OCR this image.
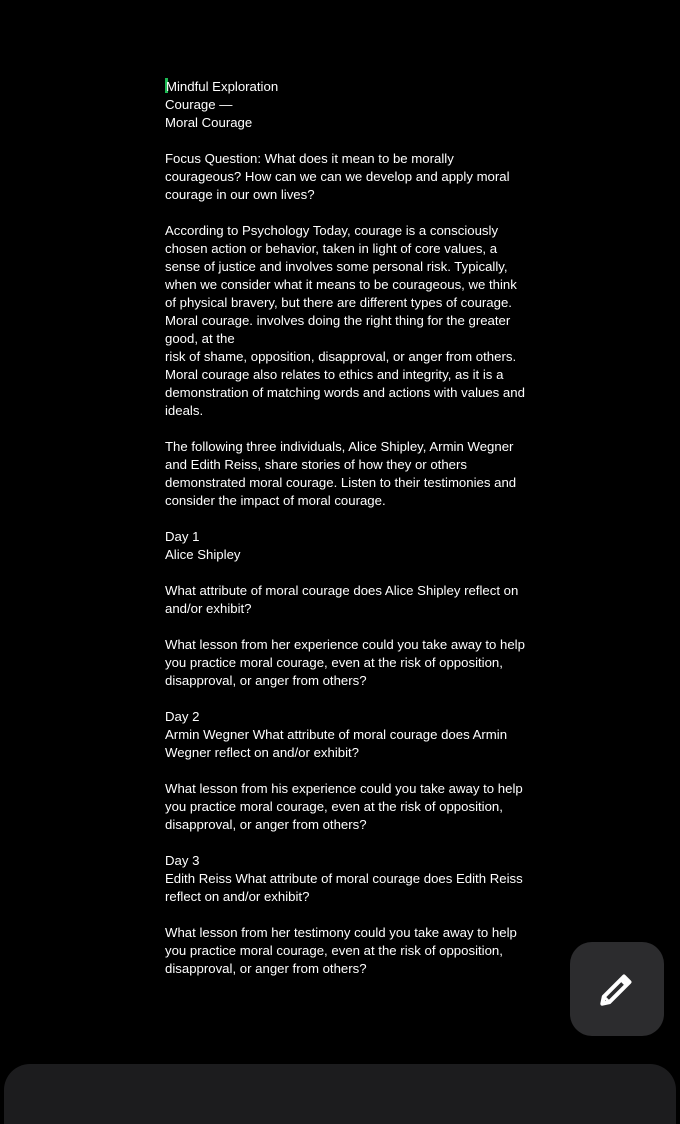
Mindful Exploration
Courage —
Moral Courage

Focus Question: What does it mean to be morally
courageous? How can we can we develop and apply moral
courage in our own lives?

According to Psychology Today, courage is a consciously
chosen action or behavior, taken in light of core values, a
sense of justice and involves some personal risk. Typically,
when we consider what it means to be courageous, we think
of physical bravery, but there are different types of courage.
Moral courage. involves doing the right thing for the greater
good, at the
risk of shame, opposition, disapproval, or anger from others.
Moral courage also relates to ethics and integrity, as it is a
demonstration of matching words and actions with values and
ideals.

The following three individuals, Alice Shipley, Armin Wegner
and Edith Reiss, share stories of how they or others
demonstrated moral courage. Listen to their testimonies and
consider the impact of moral courage.

Day 1
Alice Shipley

What attribute of moral courage does Alice Shipley reflect on
and/or exhibit?

What lesson from her experience could you take away to help
you practice moral courage, even at the risk of opposition,
disapproval, or anger from others?

Day 2
Armin Wegner What attribute of moral courage does Armin
Wegner reflect on and/or exhibit?

What lesson from his experience could you take away to help
you practice moral courage, even at the risk of opposition,
disapproval, or anger from others?

Day 3
Edith Reiss What attribute of moral courage does Edith Reiss
reflect on and/or exhibit?

What lesson from her testimony could you take away to help
you practice moral courage, even at the risk of opposition,
disapproval, or anger from others?
